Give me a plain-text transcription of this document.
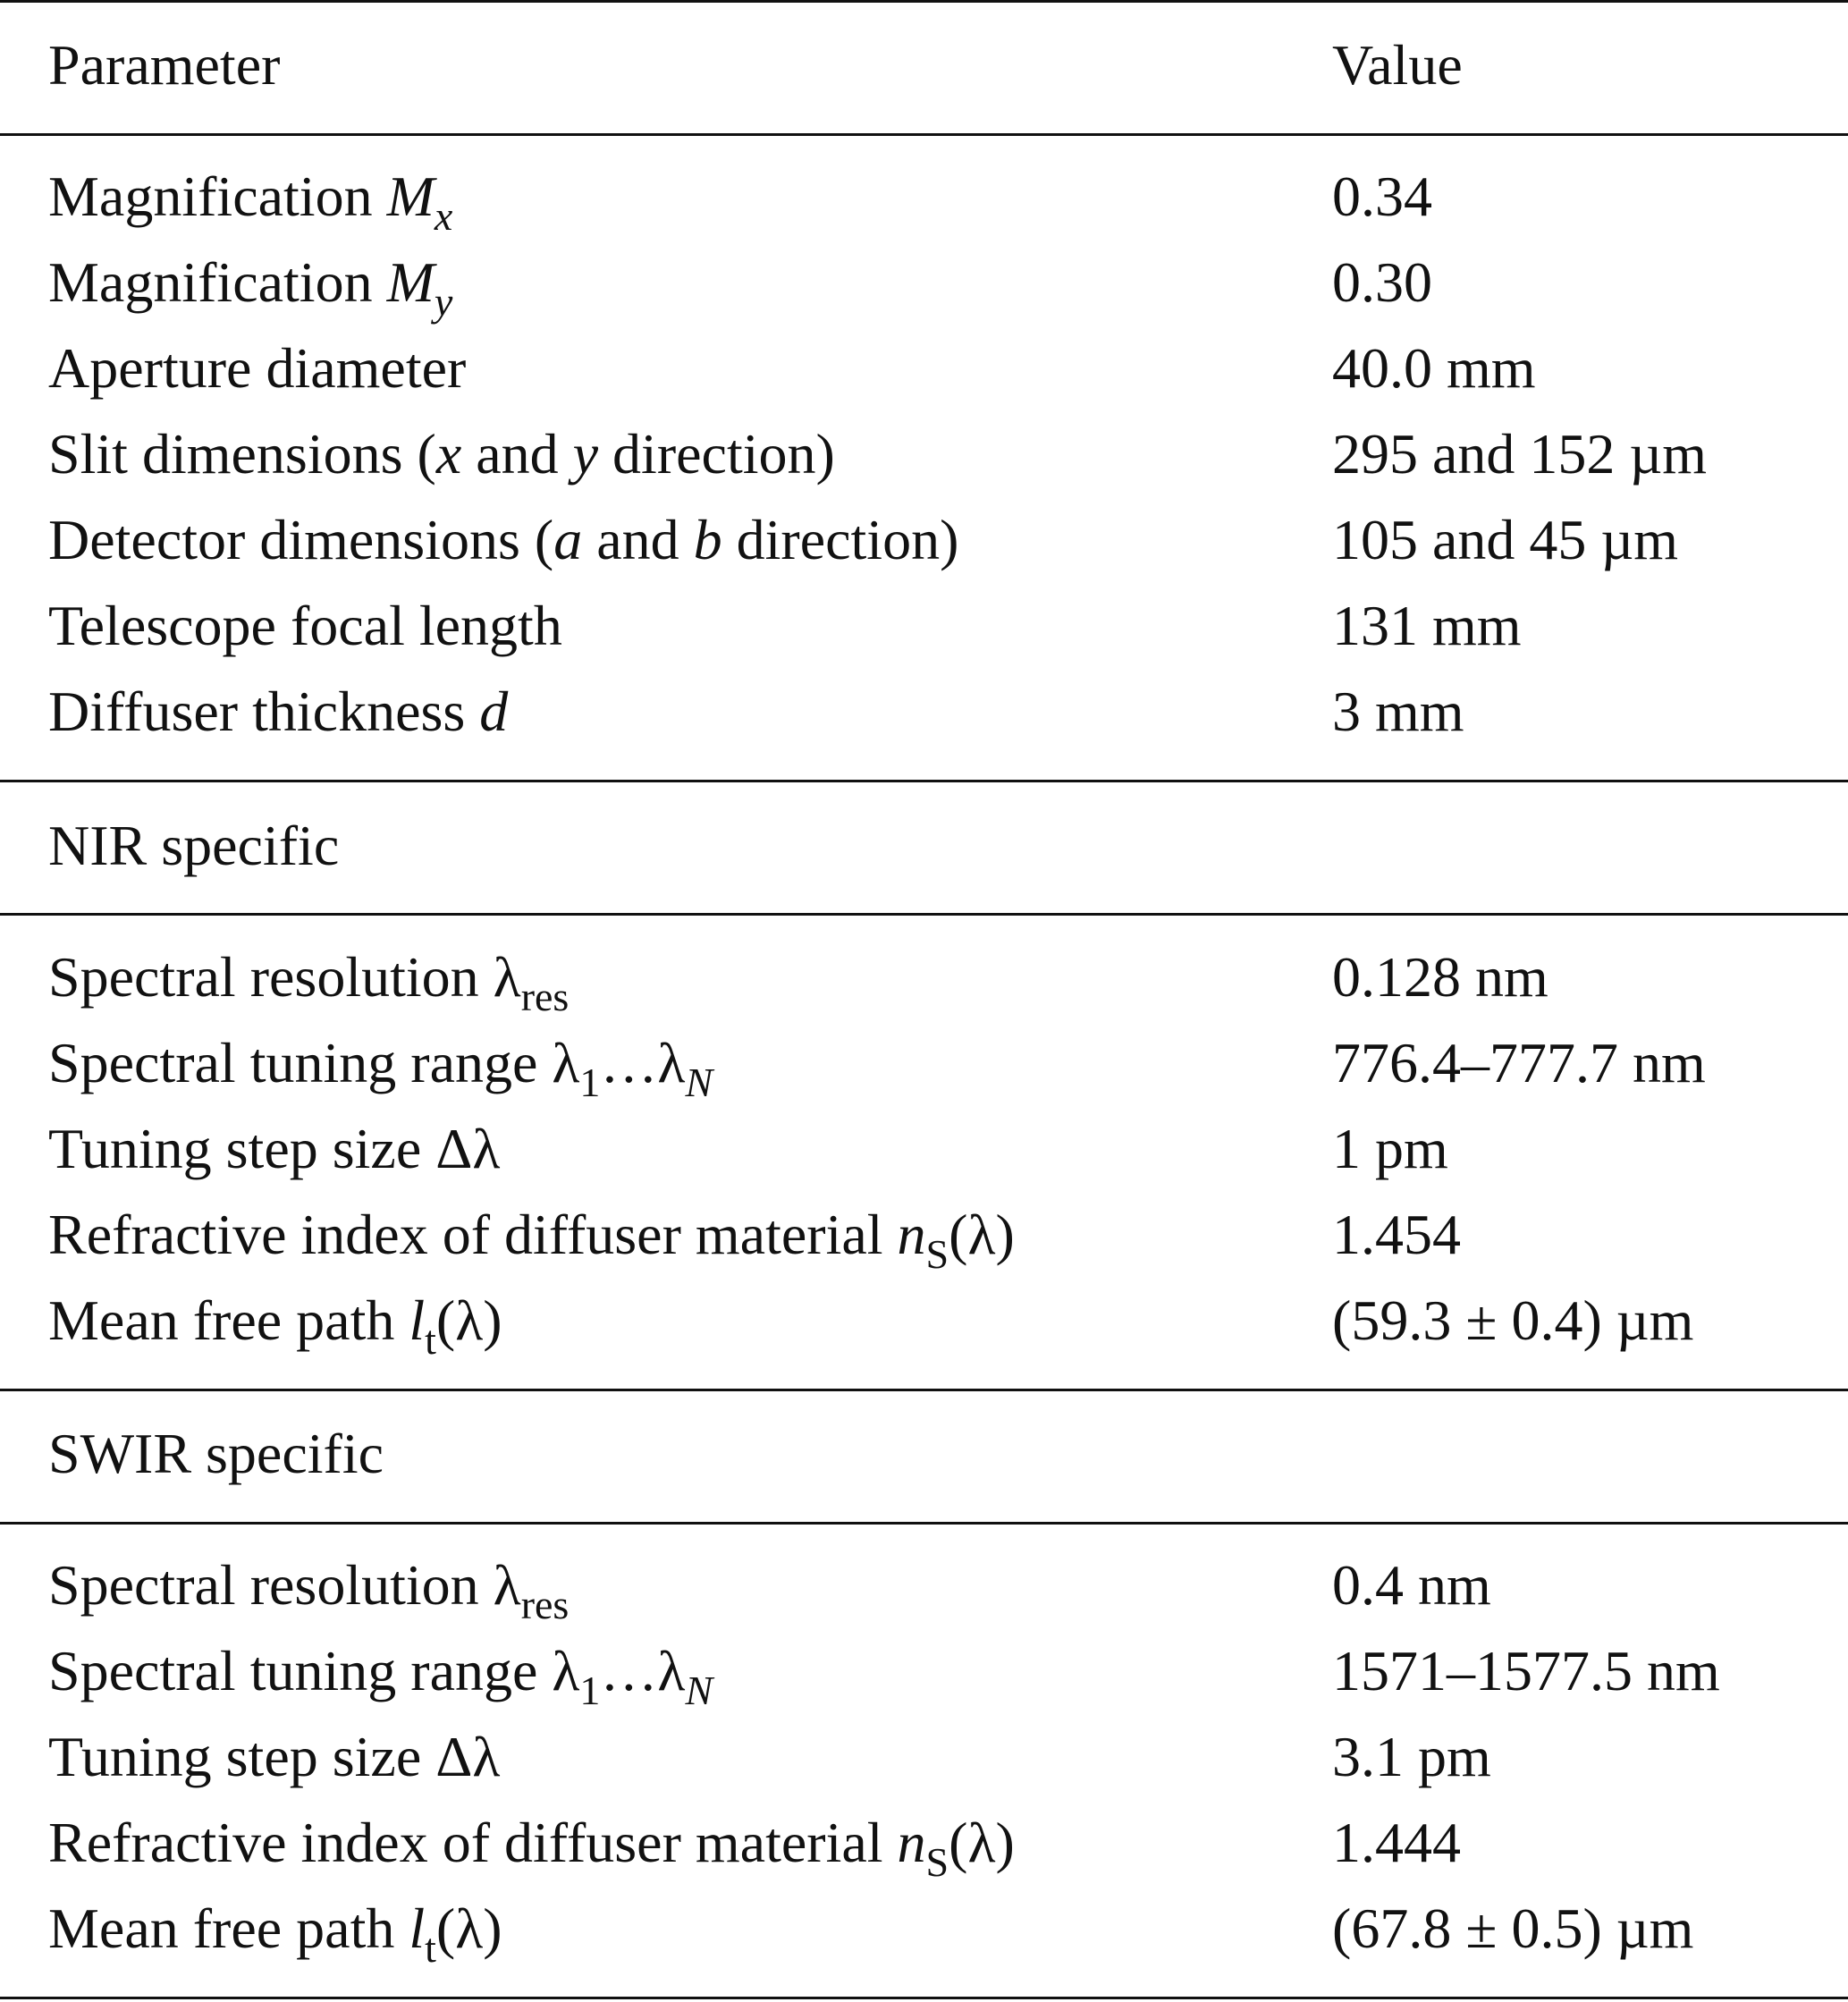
Parameter	Value
Magnification $M_x$	0.34
Magnification $M_y$	0.30
Aperture diameter	40.0 mm
Slit dimensions (x and y direction)	295 and 152 µm
Detector dimensions (a and b direction)	105 and 45 µm
Telescope focal length	131 mm
Diffuser thickness d	3 mm
NIR specific
Spectral resolution $\lambda_{res}$	0.128 nm
Spectral tuning range $\lambda_1\dots\lambda_N$	776.4–777.7 nm
Tuning step size Δλ	1 pm
Refractive index of diffuser material $n_S(\lambda)$	1.454
Mean free path $l_t(\lambda)$	(59.3 ± 0.4) µm
SWIR specific
Spectral resolution $\lambda_{res}$	0.4 nm
Spectral tuning range $\lambda_1\dots\lambda_N$	1571–1577.5 nm
Tuning step size Δλ	3.1 pm
Refractive index of diffuser material $n_S(\lambda)$	1.444
Mean free path $l_t(\lambda)$	(67.8 ± 0.5) µm
